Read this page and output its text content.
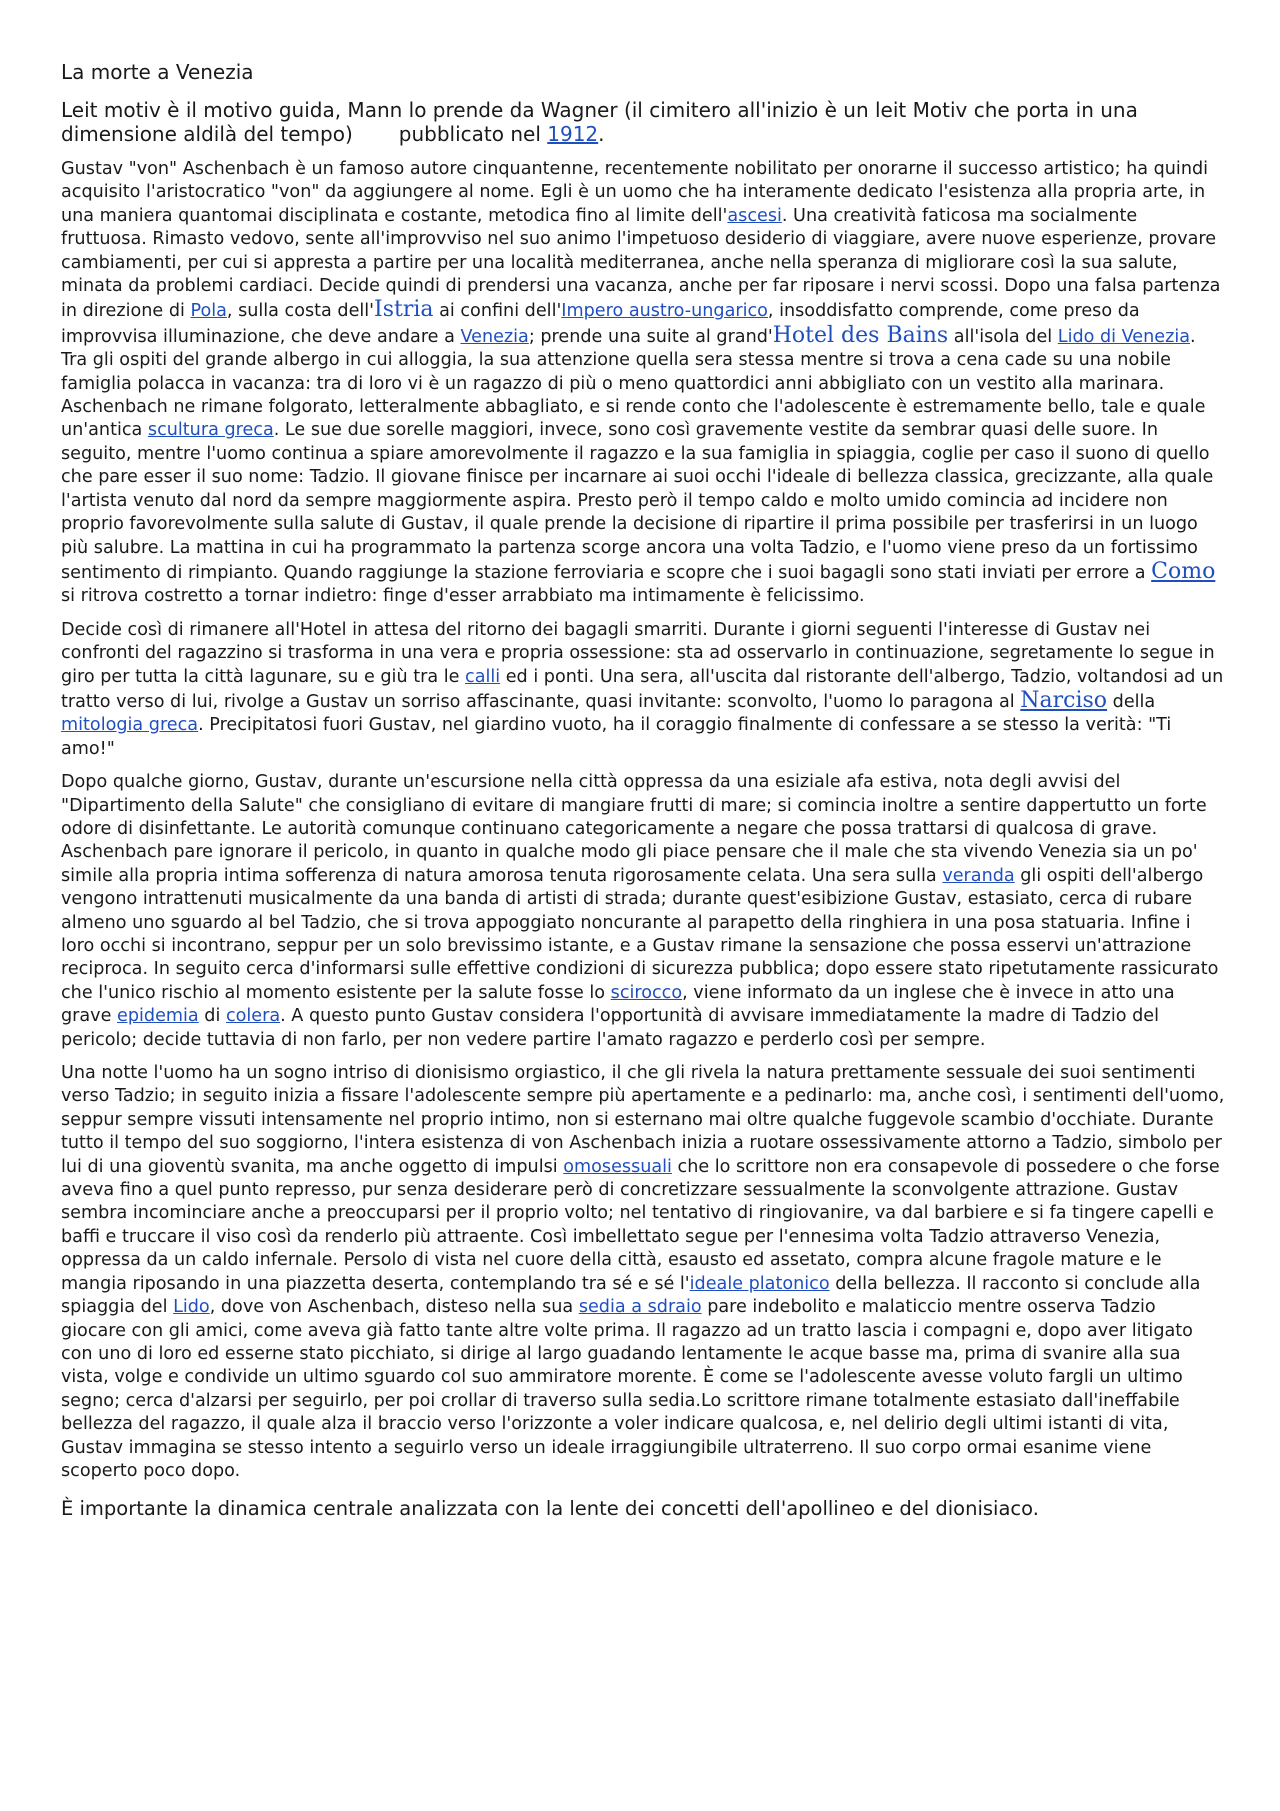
La morte a Venezia
Leit motiv è il motivo guida, Mann lo prende da Wagner (il cimitero all'inizio è un leit Motiv che porta in una dimensione aldilà del tempo) pubblicato nel 1912.

Gustav "von" Aschenbach è un famoso autore cinquantenne, recentemente nobilitato per onorarne il successo artistico; ha quindi acquisito l'aristocratico "von" da aggiungere al nome. Egli è un uomo che ha interamente dedicato l'esistenza alla propria arte, in una maniera quantomai disciplinata e costante, metodica fino al limite dell'ascesi. Una creatività faticosa ma socialmente fruttuosa. Rimasto vedovo, sente all'improvviso nel suo animo l'impetuoso desiderio di viaggiare, avere nuove esperienze, provare cambiamenti, per cui si appresta a partire per una località mediterranea, anche nella speranza di migliorare così la sua salute, minata da problemi cardiaci. Decide quindi di prendersi una vacanza, anche per far riposare i nervi scossi. Dopo una falsa partenza in direzione di Pola, sulla costa dell'Istria ai confini dell'Impero austro-ungarico, insoddisfatto comprende, come preso da improvvisa illuminazione, che deve andare a Venezia; prende una suite al grand'Hotel des Bains all'isola del Lido di Venezia. Tra gli ospiti del grande albergo in cui alloggia, la sua attenzione quella sera stessa mentre si trova a cena cade su una nobile famiglia polacca in vacanza: tra di loro vi è un ragazzo di più o meno quattordici anni abbigliato con un vestito alla marinara. Aschenbach ne rimane folgorato, letteralmente abbagliato, e si rende conto che l'adolescente è estremamente bello, tale e quale un'antica scultura greca. Le sue due sorelle maggiori, invece, sono così gravemente vestite da sembrar quasi delle suore. In seguito, mentre l'uomo continua a spiare amorevolmente il ragazzo e la sua famiglia in spiaggia, coglie per caso il suono di quello che pare esser il suo nome: Tadzio. Il giovane finisce per incarnare ai suoi occhi l'ideale di bellezza classica, grecizzante, alla quale l'artista venuto dal nord da sempre maggiormente aspira. Presto però il tempo caldo e molto umido comincia ad incidere non proprio favorevolmente sulla salute di Gustav, il quale prende la decisione di ripartire il prima possibile per trasferirsi in un luogo più salubre. La mattina in cui ha programmato la partenza scorge ancora una volta Tadzio, e l'uomo viene preso da un fortissimo sentimento di rimpianto. Quando raggiunge la stazione ferroviaria e scopre che i suoi bagagli sono stati inviati per errore a Como si ritrova costretto a tornar indietro: finge d'esser arrabbiato ma intimamente è felicissimo.

Decide così di rimanere all'Hotel in attesa del ritorno dei bagagli smarriti. Durante i giorni seguenti l'interesse di Gustav nei confronti del ragazzino si trasforma in una vera e propria ossessione: sta ad osservarlo in continuazione, segretamente lo segue in giro per tutta la città lagunare, su e giù tra le calli ed i ponti. Una sera, all'uscita dal ristorante dell'albergo, Tadzio, voltandosi ad un tratto verso di lui, rivolge a Gustav un sorriso affascinante, quasi invitante: sconvolto, l'uomo lo paragona al Narciso della mitologia greca. Precipitatosi fuori Gustav, nel giardino vuoto, ha il coraggio finalmente di confessare a se stesso la verità: "Ti amo!"

Dopo qualche giorno, Gustav, durante un'escursione nella città oppressa da una esiziale afa estiva, nota degli avvisi del "Dipartimento della Salute" che consigliano di evitare di mangiare frutti di mare; si comincia inoltre a sentire dappertutto un forte odore di disinfettante. Le autorità comunque continuano categoricamente a negare che possa trattarsi di qualcosa di grave. Aschenbach pare ignorare il pericolo, in quanto in qualche modo gli piace pensare che il male che sta vivendo Venezia sia un po' simile alla propria intima sofferenza di natura amorosa tenuta rigorosamente celata. Una sera sulla veranda gli ospiti dell'albergo vengono intrattenuti musicalmente da una banda di artisti di strada; durante quest'esibizione Gustav, estasiato, cerca di rubare almeno uno sguardo al bel Tadzio, che si trova appoggiato noncurante al parapetto della ringhiera in una posa statuaria. Infine i loro occhi si incontrano, seppur per un solo brevissimo istante, e a Gustav rimane la sensazione che possa esservi un'attrazione reciproca. In seguito cerca d'informarsi sulle effettive condizioni di sicurezza pubblica; dopo essere stato ripetutamente rassicurato che l'unico rischio al momento esistente per la salute fosse lo scirocco, viene informato da un inglese che è invece in atto una grave epidemia di colera. A questo punto Gustav considera l'opportunità di avvisare immediatamente la madre di Tadzio del pericolo; decide tuttavia di non farlo, per non vedere partire l'amato ragazzo e perderlo così per sempre.

Una notte l'uomo ha un sogno intriso di dionisismo orgiastico, il che gli rivela la natura prettamente sessuale dei suoi sentimenti verso Tadzio; in seguito inizia a fissare l'adolescente sempre più apertamente e a pedinarlo: ma, anche così, i sentimenti dell'uomo, seppur sempre vissuti intensamente nel proprio intimo, non si esternano mai oltre qualche fuggevole scambio d'occhiate. Durante tutto il tempo del suo soggiorno, l'intera esistenza di von Aschenbach inizia a ruotare ossessivamente attorno a Tadzio, simbolo per lui di una gioventù svanita, ma anche oggetto di impulsi omosessuali che lo scrittore non era consapevole di possedere o che forse aveva fino a quel punto represso, pur senza desiderare però di concretizzare sessualmente la sconvolgente attrazione. Gustav sembra incominciare anche a preoccuparsi per il proprio volto; nel tentativo di ringiovanire, va dal barbiere e si fa tingere capelli e baffi e truccare il viso così da renderlo più attraente. Così imbellettato segue per l'ennesima volta Tadzio attraverso Venezia, oppressa da un caldo infernale. Persolo di vista nel cuore della città, esausto ed assetato, compra alcune fragole mature e le mangia riposando in una piazzetta deserta, contemplando tra sé e sé l'ideale platonico della bellezza. Il racconto si conclude alla spiaggia del Lido, dove von Aschenbach, disteso nella sua sedia a sdraio pare indebolito e malaticcio mentre osserva Tadzio giocare con gli amici, come aveva già fatto tante altre volte prima. Il ragazzo ad un tratto lascia i compagni e, dopo aver litigato con uno di loro ed esserne stato picchiato, si dirige al largo guadando lentamente le acque basse ma, prima di svanire alla sua vista, volge e condivide un ultimo sguardo col suo ammiratore morente. È come se l'adolescente avesse voluto fargli un ultimo segno; cerca d'alzarsi per seguirlo, per poi crollar di traverso sulla sedia.Lo scrittore rimane totalmente estasiato dall'ineffabile bellezza del ragazzo, il quale alza il braccio verso l'orizzonte a voler indicare qualcosa, e, nel delirio degli ultimi istanti di vita, Gustav immagina se stesso intento a seguirlo verso un ideale irraggiungibile ultraterreno. Il suo corpo ormai esanime viene scoperto poco dopo.

È importante la dinamica centrale analizzata con la lente dei concetti dell'apollineo e del dionisiaco.
